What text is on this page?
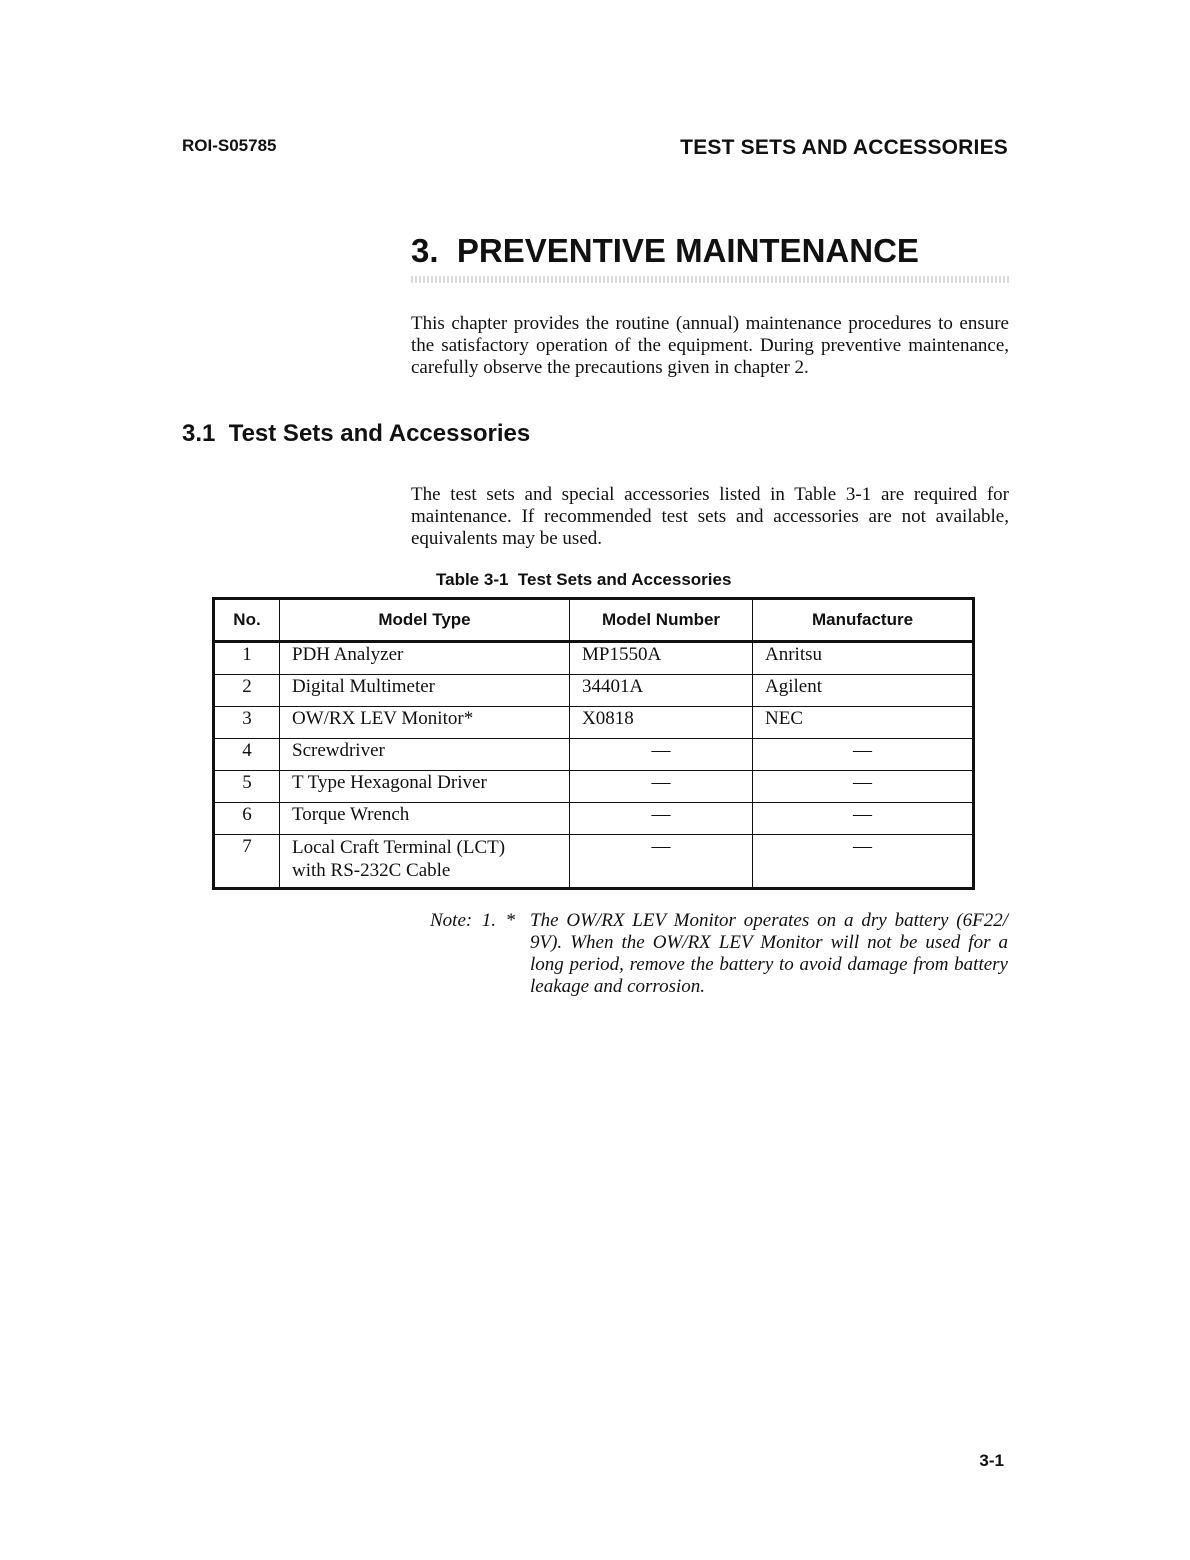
ROI-S05785	TEST SETS AND ACCESSORIES
3.  PREVENTIVE MAINTENANCE

This chapter provides the routine (annual) maintenance procedures to ensure the satisfactory operation of the equipment. During preventive maintenance, carefully observe the precautions given in chapter 2.

3.1  Test Sets and Accessories

The test sets and special accessories listed in Table 3-1 are required for maintenance. If recommended test sets and accessories are not available, equivalents may be used.

Table 3-1  Test Sets and Accessories
No.	Model Type	Model Number	Manufacture
1	PDH Analyzer	MP1550A	Anritsu
2	Digital Multimeter	34401A	Agilent
3	OW/RX LEV Monitor*	X0818	NEC
4	Screwdriver	—	—
5	T Type Hexagonal Driver	—	—
6	Torque Wrench	—	—
7	Local Craft Terminal (LCT)
with RS-232C Cable	—	—
Note:  1.  * The OW/RX LEV Monitor operates on a dry battery (6F22/ 9V). When the OW/RX LEV Monitor will not be used for a long period, remove the battery to avoid damage from battery leakage and corrosion.

3-1
